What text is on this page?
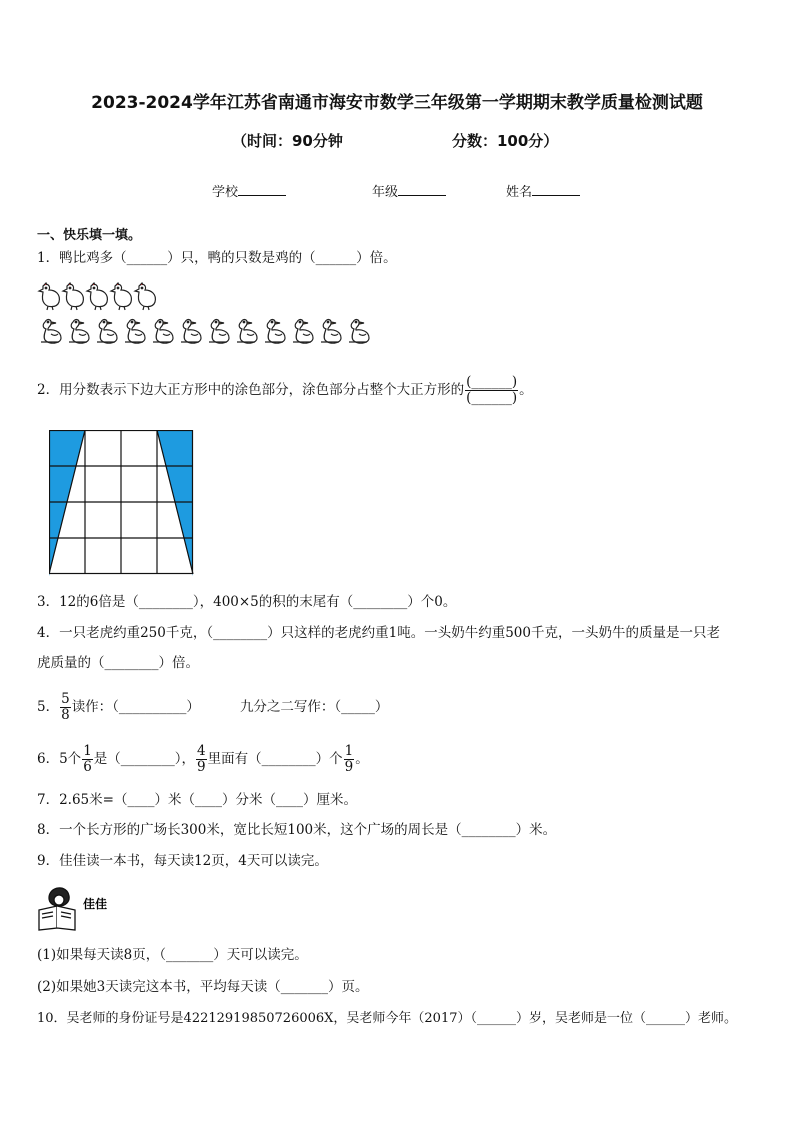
2023-2024学年江苏省南通市海安市数学三年级第一学期期末教学质量检测试题
（时间：90分钟	分数：100分）
学校	年级	姓名
一、快乐填一填。
1．鸭比鸡多（______）只，鸭的只数是鸡的（______）倍。
2．用分数表示下边大正方形中的涂色部分，涂色部分占整个大正方形的 $\frac{(\_\_\_\_\_\_)}{(\_\_\_\_\_\_)}$ 。
3．12的6倍是（________），400×5的积的末尾有（________）个0。
4．一只老虎约重250千克，（________）只这样的老虎约重1吨。一头奶牛约重500千克，一头奶牛的质量是一只老
虎质量的（________）倍。
5． $\frac{5}{8}$ 读作：（__________）	九分之二写作：（_____）
6．5个 $\frac{1}{6}$ 是（________）， $\frac{4}{9}$ 里面有（________）个 $\frac{1}{9}$ 。
7．2.65米=（____）米（____）分米（____）厘米。
8．一个长方形的广场长300米，宽比长短100米，这个广场的周长是（________）米。
9．佳佳读一本书，每天读12页，4天可以读完。
佳佳
(1)如果每天读8页，（_______）天可以读完。
(2)如果她3天读完这本书，平均每天读（_______）页。
10．吴老师的身份证号是42212919850726006X，吴老师今年（2017）（______）岁，吴老师是一位（______）老师。
